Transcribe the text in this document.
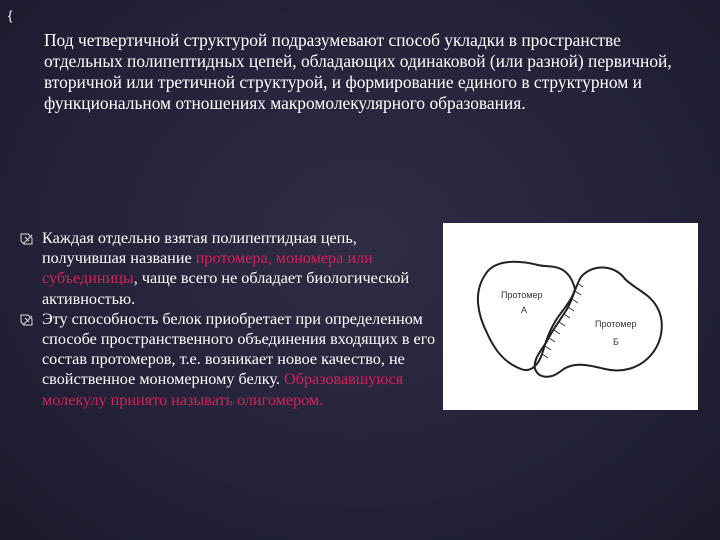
{

Под четвертичной структурой подразумевают способ укладки в пространстве отдельных полипептидных цепей, обладающих одинаковой (или разной) первичной, вторичной или третичной структурой, и формирование единого в структурном и функциональном отношениях макромолекулярного образования.

Каждая отдельно взятая полипептидная цепь, получившая название протомера, мономера или субъединицы, чаще всего не обладает биологической активностью.
Эту способность белок приобретает при определенном способе пространственного объединения входящих в его состав протомеров, т.е. возникает новое качество, не свойственное мономерному белку. Образовавшуюся молекулу принято называть олигомером.
Протомер
А
Протомер
Б
